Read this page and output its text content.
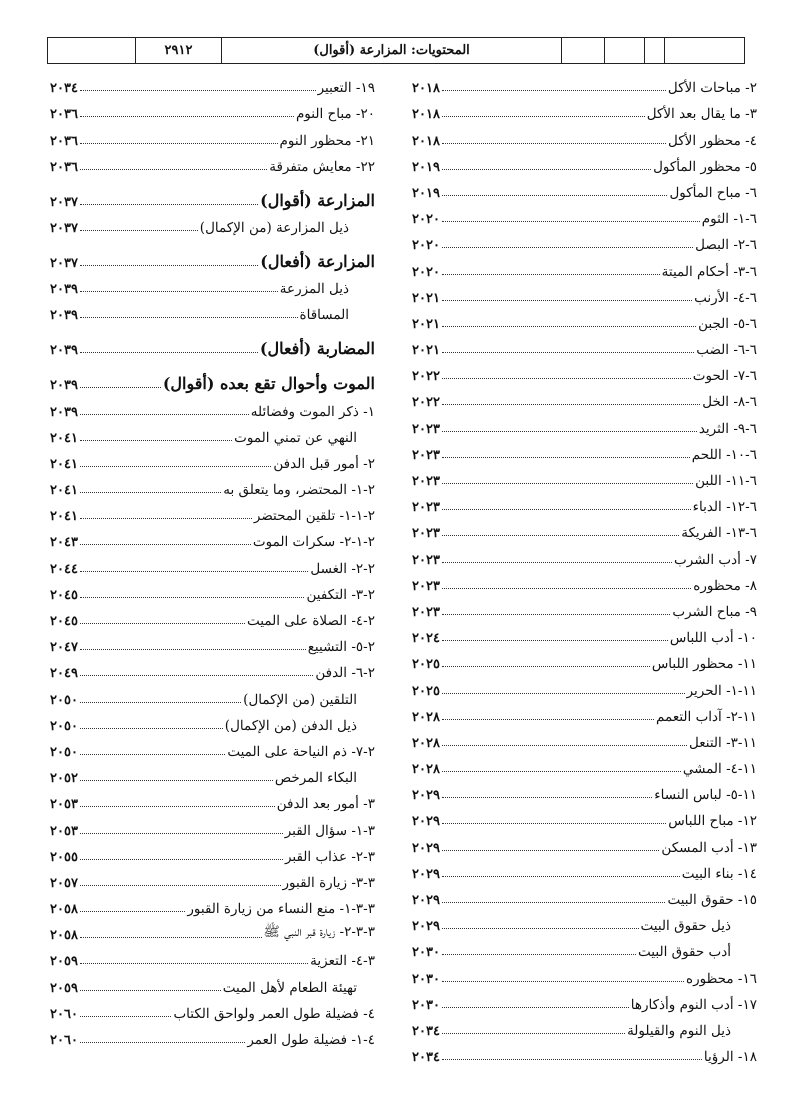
المحتويات: المزارعة (أقوال)
٢٩١٢
٢- مباحات الأكل
٢٠١٨
٣- ما يقال بعد الأكل
٢٠١٨
٤- محظور الأكل
٢٠١٨
٥- محظور المأكول
٢٠١٩
٦- مباح المأكول
٢٠١٩
٦-١- الثوم
٢٠٢٠
٦-٢- البصل
٢٠٢٠
٦-٣- أحكام الميتة
٢٠٢٠
٦-٤- الأرنب
٢٠٢١
٦-٥- الجبن
٢٠٢١
٦-٦- الضب
٢٠٢١
٦-٧- الحوت
٢٠٢٢
٦-٨- الخل
٢٠٢٢
٦-٩- الثريد
٢٠٢٣
٦-١٠- اللحم
٢٠٢٣
٦-١١- اللبن
٢٠٢٣
٦-١٢- الدباء
٢٠٢٣
٦-١٣- الفريكة
٢٠٢٣
٧- أدب الشرب
٢٠٢٣
٨- محظوره
٢٠٢٣
٩- مباح الشرب
٢٠٢٣
١٠- أدب اللباس
٢٠٢٤
١١- محظور اللباس
٢٠٢٥
١١-١- الحرير
٢٠٢٥
١١-٢- آداب التعمم
٢٠٢٨
١١-٣- التنعل
٢٠٢٨
١١-٤- المشي
٢٠٢٨
١١-٥- لباس النساء
٢٠٢٩
١٢- مباح اللباس
٢٠٢٩
١٣- أدب المسكن
٢٠٢٩
١٤- بناء البيت
٢٠٢٩
١٥- حقوق البيت
٢٠٢٩
ذيل حقوق البيت
٢٠٢٩
أدب حقوق البيت
٢٠٣٠
١٦- محظوره
٢٠٣٠
١٧- أدب النوم وأذكارها
٢٠٣٠
ذيل النوم والقيلولة
٢٠٣٤
١٨- الرؤيا
٢٠٣٤
١٩- التعبير
٢٠٣٤
٢٠- مباح النوم
٢٠٣٦
٢١- محظور النوم
٢٠٣٦
٢٢- معايش متفرقة
٢٠٣٦
المزارعة (أقوال)
٢٠٣٧
ذيل المزارعة (من الإكمال)
٢٠٣٧
المزارعة (أفعال)
٢٠٣٧
ذيل المزرعة
٢٠٣٩
المساقاة
٢٠٣٩
المضاربة (أفعال)
٢٠٣٩
الموت وأحوال تقع بعده (أقوال)
٢٠٣٩
١- ذكر الموت وفضائله
٢٠٣٩
النهي عن تمني الموت
٢٠٤١
٢- أمور قبل الدفن
٢٠٤١
٢-١- المحتضر، وما يتعلق به
٢٠٤١
٢-١-١- تلقين المحتضر
٢٠٤١
٢-١-٢- سكرات الموت
٢٠٤٣
٢-٢- الغسل
٢٠٤٤
٢-٣- التكفين
٢٠٤٥
٢-٤- الصلاة على الميت
٢٠٤٥
٢-٥- التشييع
٢٠٤٧
٢-٦- الدفن
٢٠٤٩
التلقين (من الإكمال)
٢٠٥٠
ذيل الدفن (من الإكمال)
٢٠٥٠
٢-٧- ذم النياحة على الميت
٢٠٥٠
البكاء المرخص
٢٠٥٢
٣- أمور بعد الدفن
٢٠٥٣
٣-١- سؤال القبر
٢٠٥٣
٣-٢- عذاب القبر
٢٠٥٥
٣-٣- زيارة القبور
٢٠٥٧
٣-٣-١- منع النساء من زيارة القبور
٢٠٥٨
٣-٣-٢- زيارة قبر النبي ﷺ
٢٠٥٨
٣-٤- التعزية
٢٠٥٩
تهيئة الطعام لأهل الميت
٢٠٥٩
٤- فضيلة طول العمر ولواحق الكتاب
٢٠٦٠
٤-١- فضيلة طول العمر
٢٠٦٠
